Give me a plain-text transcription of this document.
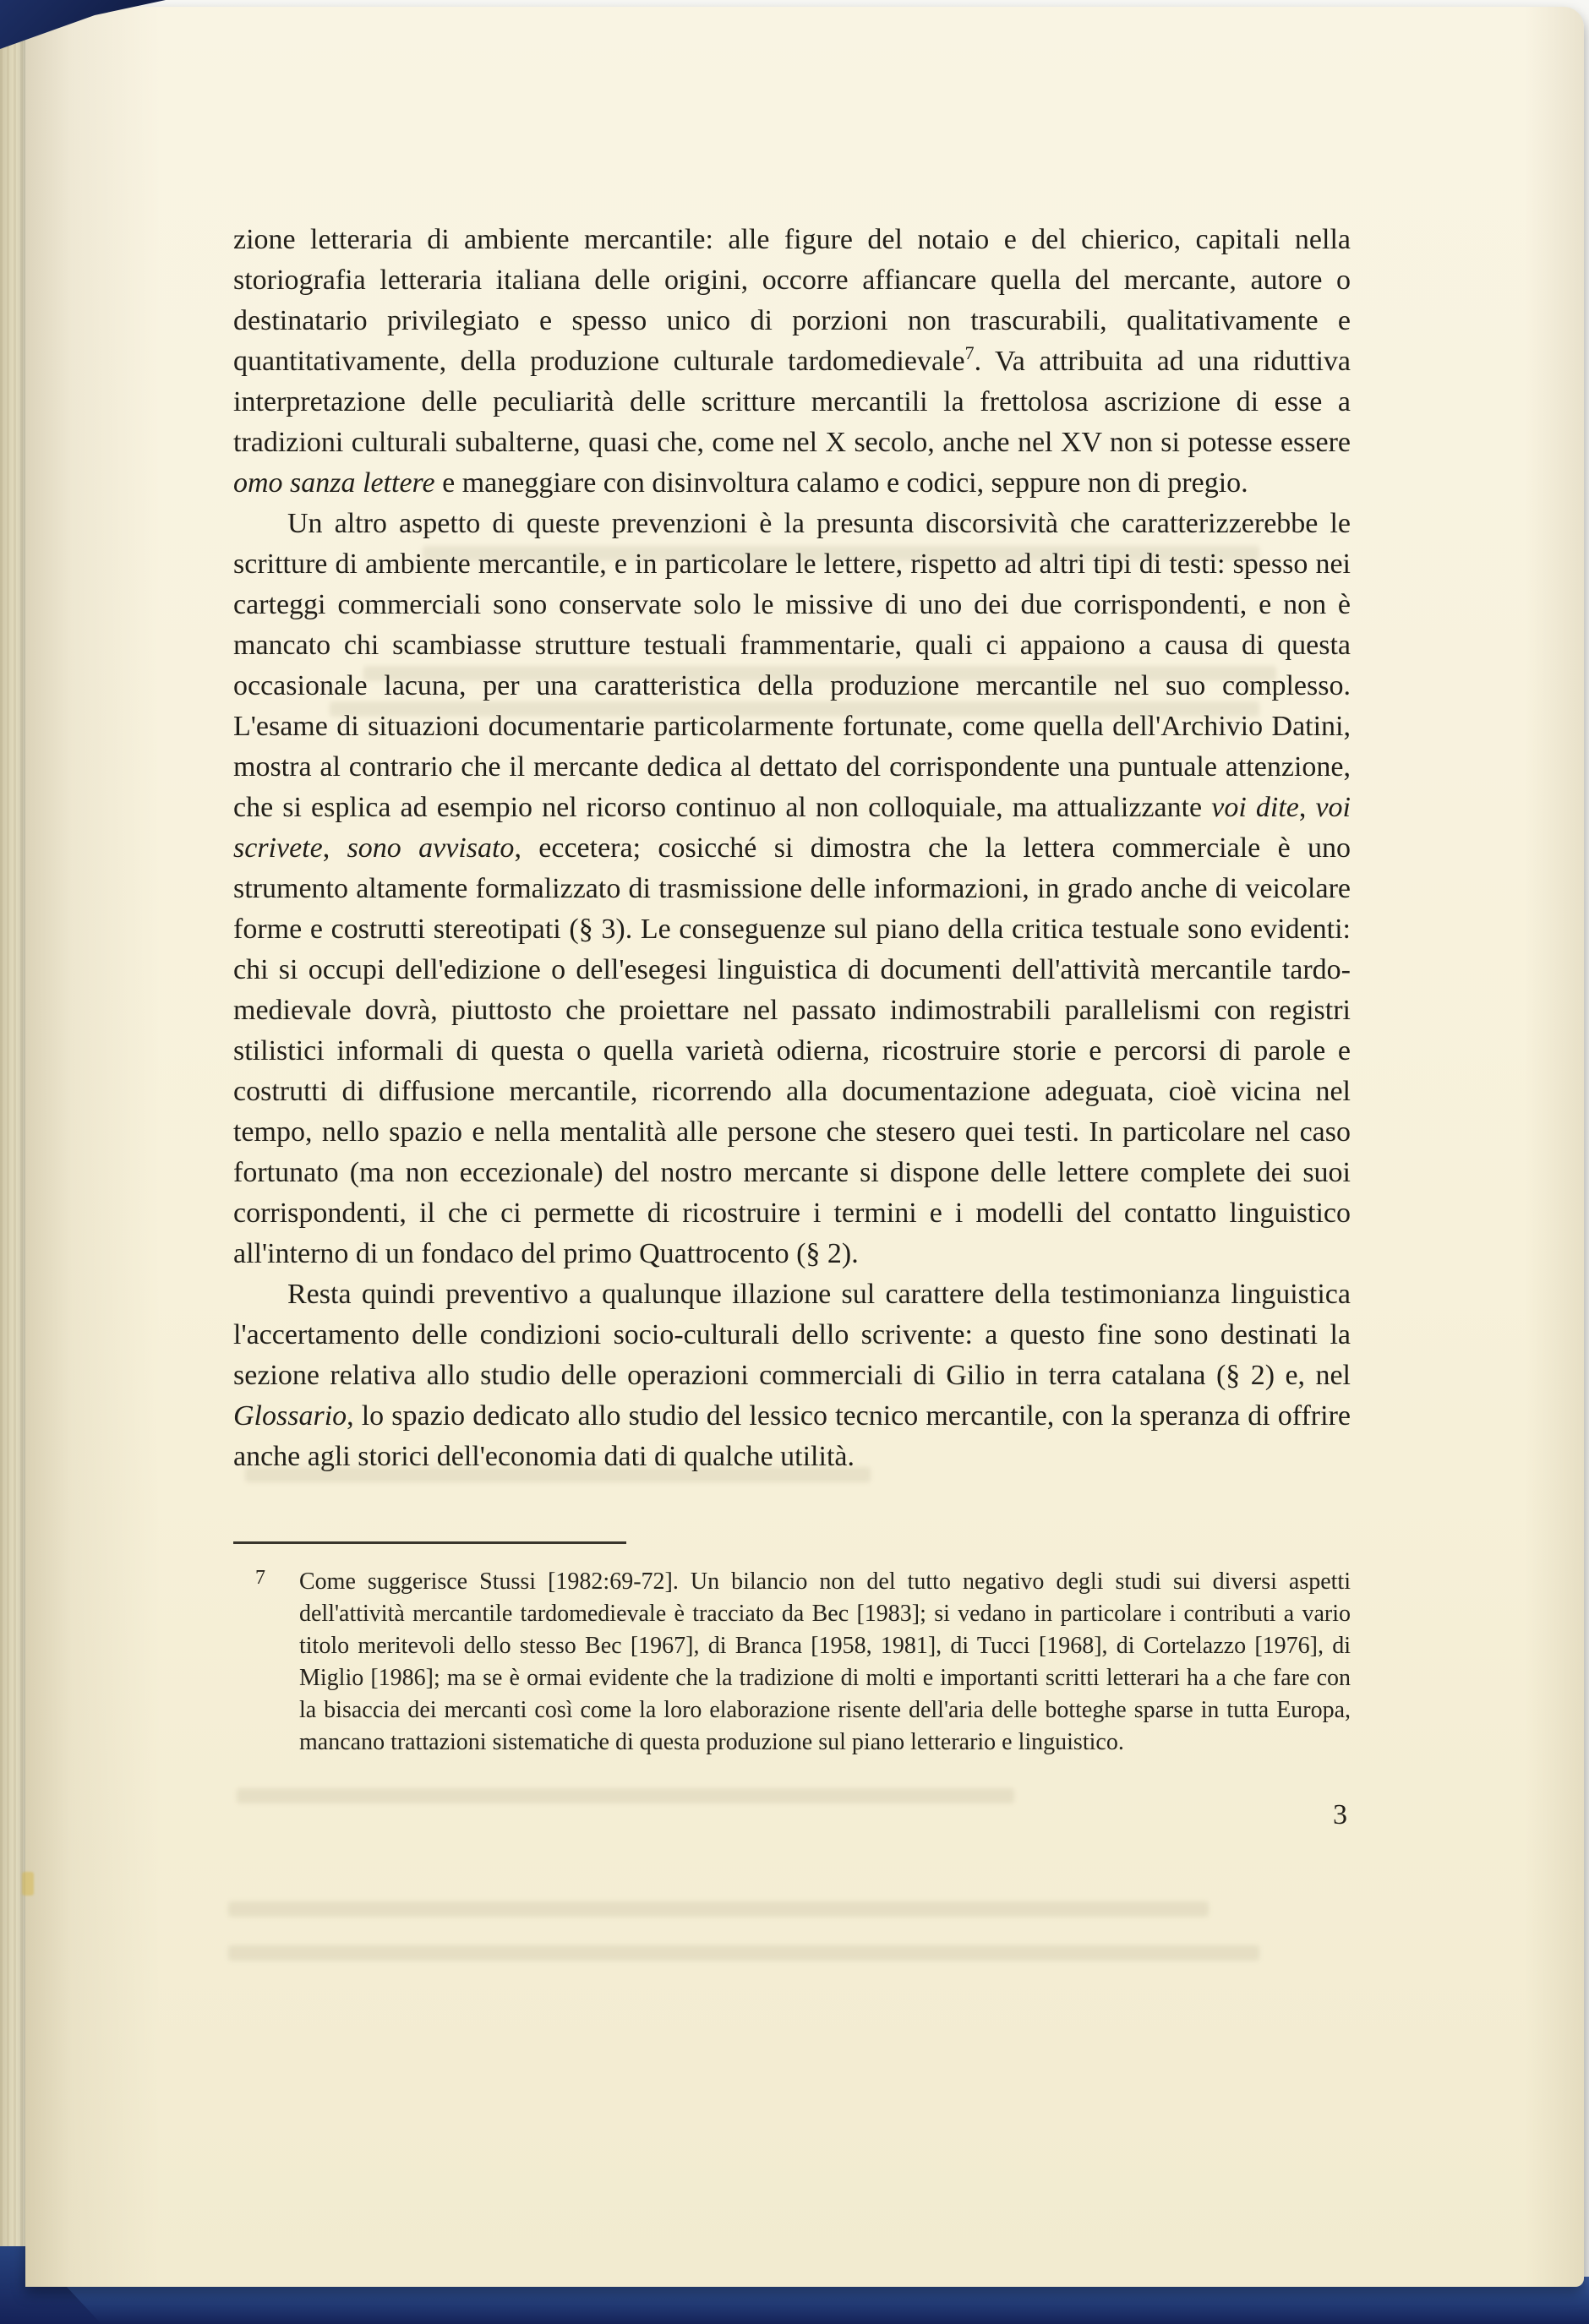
zione letteraria di ambiente mercantile: alle figure del notaio e del chierico, capitali nella storiografia letteraria italiana delle origini, occorre affiancare quella del mercante, autore o destinatario privilegiato e spesso unico di porzioni non trascurabili, qualitativamente e quantitativamente, della produzione culturale tardomedievale$^7$. Va attribuita ad una riduttiva interpretazione delle peculiarità delle scritture mercantili la frettolosa ascrizione di esse a tradizioni culturali subalterne, quasi che, come nel X secolo, anche nel XV non si potesse essere omo sanza lettere e maneggiare con disinvoltura calamo e codici, seppure non di pregio.

Un altro aspetto di queste prevenzioni è la presunta discorsività che caratterizzerebbe le scritture di ambiente mercantile, e in particolare le lettere, rispetto ad altri tipi di testi: spesso nei carteggi commerciali sono conservate solo le missive di uno dei due corrispondenti, e non è mancato chi scambiasse strutture testuali frammentarie, quali ci appaiono a causa di questa occasionale lacuna, per una caratteristica della produzione mercantile nel suo complesso. L'esame di situazioni documentarie particolarmente fortunate, come quella dell'Archivio Datini, mostra al contrario che il mercante dedica al dettato del corrispondente una puntuale attenzione, che si esplica ad esempio nel ricorso continuo al non colloquiale, ma attualizzante voi dite, voi scrivete, sono avvisato, eccetera; cosicché si dimostra che la lettera commerciale è uno strumento altamente formalizzato di trasmissione delle informazioni, in grado anche di veicolare forme e costrutti stereotipati (§ 3). Le conseguenze sul piano della critica testuale sono evidenti: chi si occupi dell'edizione o dell'esegesi linguistica di documenti dell'attività mercantile tardo-medievale dovrà, piuttosto che proiettare nel passato indimostrabili parallelismi con registri stilistici informali di questa o quella varietà odierna, ricostruire storie e percorsi di parole e costrutti di diffusione mercantile, ricorrendo alla documentazione adeguata, cioè vicina nel tempo, nello spazio e nella mentalità alle persone che stesero quei testi. In particolare nel caso fortunato (ma non eccezionale) del nostro mercante si dispone delle lettere complete dei suoi corrispondenti, il che ci permette di ricostruire i termini e i modelli del contatto linguistico all'interno di un fondaco del primo Quattrocento (§ 2).

Resta quindi preventivo a qualunque illazione sul carattere della testimonianza linguistica l'accertamento delle condizioni socio-culturali dello scrivente: a questo fine sono destinati la sezione relativa allo studio delle operazioni commerciali di Gilio in terra catalana (§ 2) e, nel Glossario, lo spazio dedicato allo studio del lessico tecnico mercantile, con la speranza di offrire anche agli storici dell'economia dati di qualche utilità.

7	Come suggerisce Stussi [1982:69-72]. Un bilancio non del tutto negativo degli studi sui diversi aspetti dell'attività mercantile tardomedievale è tracciato da Bec [1983]; si vedano in particolare i contributi a vario titolo meritevoli dello stesso Bec [1967], di Branca [1958, 1981], di Tucci [1968], di Cortelazzo [1976], di Miglio [1986]; ma se è ormai evidente che la tradizione di molti e importanti scritti letterari ha a che fare con la bisaccia dei mercanti così come la loro elaborazione risente dell'aria delle botteghe sparse in tutta Europa, mancano trattazioni sistematiche di questa produzione sul piano letterario e linguistico.
3
